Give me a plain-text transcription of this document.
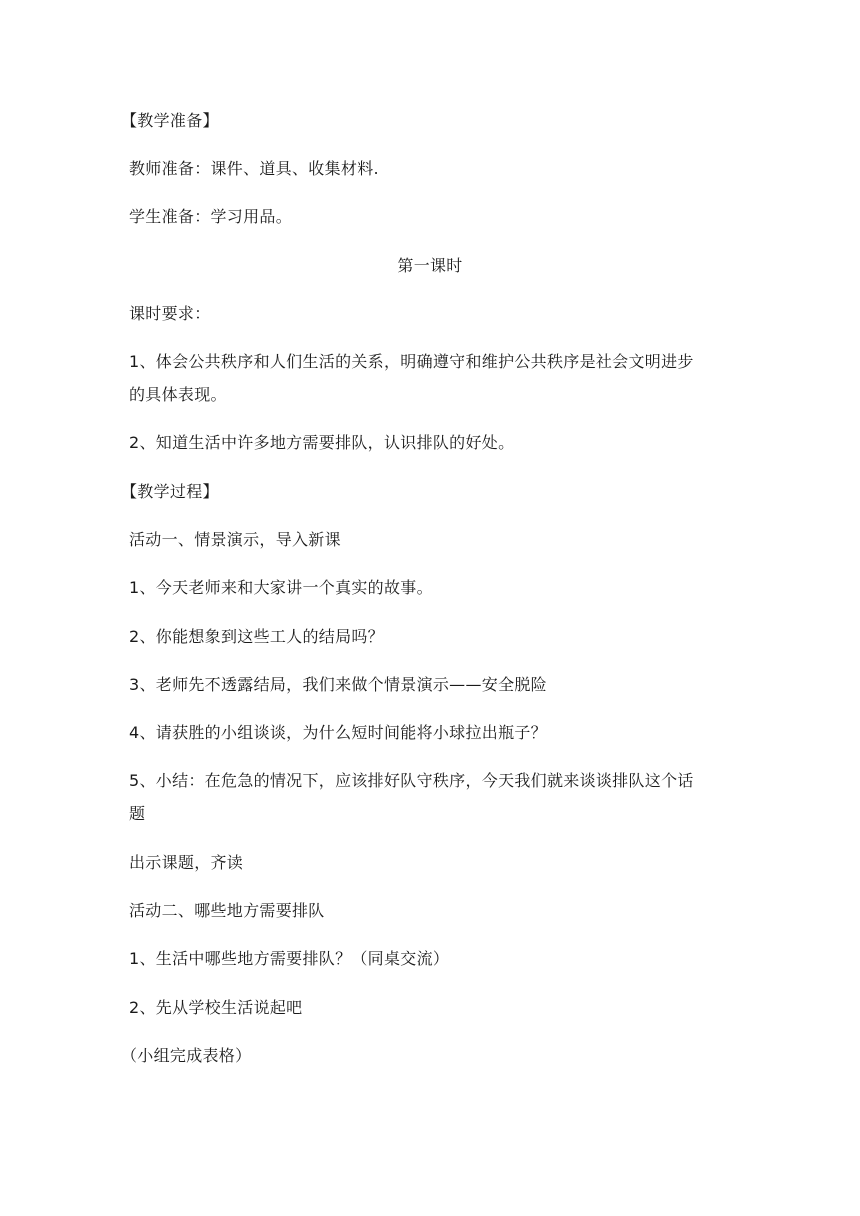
【教学准备】
教师准备：课件、道具、收集材料.
学生准备：学习用品。
第一课时
课时要求：
1、体会公共秩序和人们生活的关系，明确遵守和维护公共秩序是社会文明进步
的具体表现。
2、知道生活中许多地方需要排队，认识排队的好处。
【教学过程】
活动一、情景演示，导入新课
1、今天老师来和大家讲一个真实的故事。
2、你能想象到这些工人的结局吗？
3、老师先不透露结局，我们来做个情景演示——安全脱险
4、请获胜的小组谈谈，为什么短时间能将小球拉出瓶子？
5、小结：在危急的情况下，应该排好队守秩序，今天我们就来谈谈排队这个话
题
出示课题，齐读
活动二、哪些地方需要排队
1、生活中哪些地方需要排队？（同桌交流）
2、先从学校生活说起吧
（小组完成表格）
